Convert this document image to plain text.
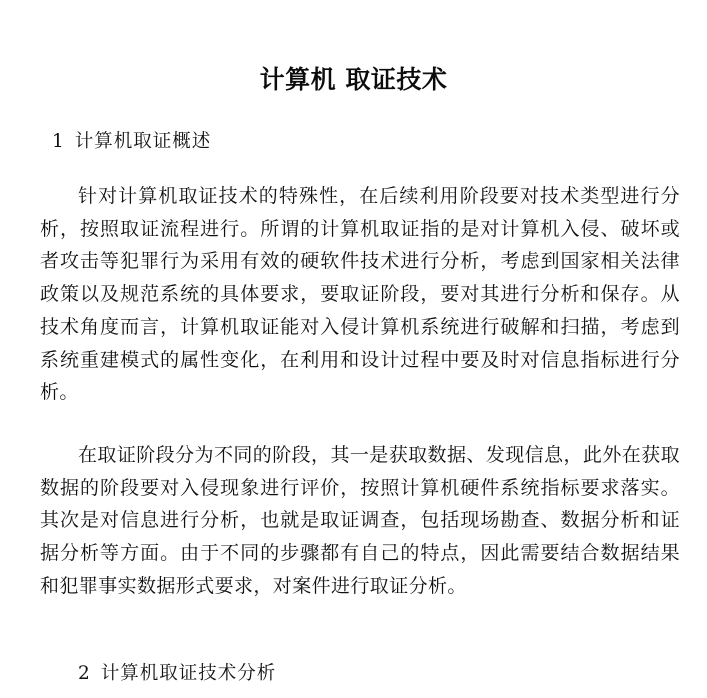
计算机 取证技术
1 计算机取证概述

针对计算机取证技术的特殊性，在后续利用阶段要对技术类型进行分析，按照取证流程进行。所谓的计算机取证指的是对计算机入侵、破坏或者攻击等犯罪行为采用有效的硬软件技术进行分析，考虑到国家相关法律政策以及规范系统的具体要求，要取证阶段，要对其进行分析和保存。从技术角度而言，计算机取证能对入侵计算机系统进行破解和扫描，考虑到系统重建模式的属性变化，在利用和设计过程中要及时对信息指标进行分析。

在取证阶段分为不同的阶段，其一是获取数据、发现信息，此外在获取数据的阶段要对入侵现象进行评价，按照计算机硬件系统指标要求落实。其次是对信息进行分析，也就是取证调查，包括现场勘查、数据分析和证据分析等方面。由于不同的步骤都有自己的特点，因此需要结合数据结果和犯罪事实数据形式要求，对案件进行取证分析。

2 计算机取证技术分析
